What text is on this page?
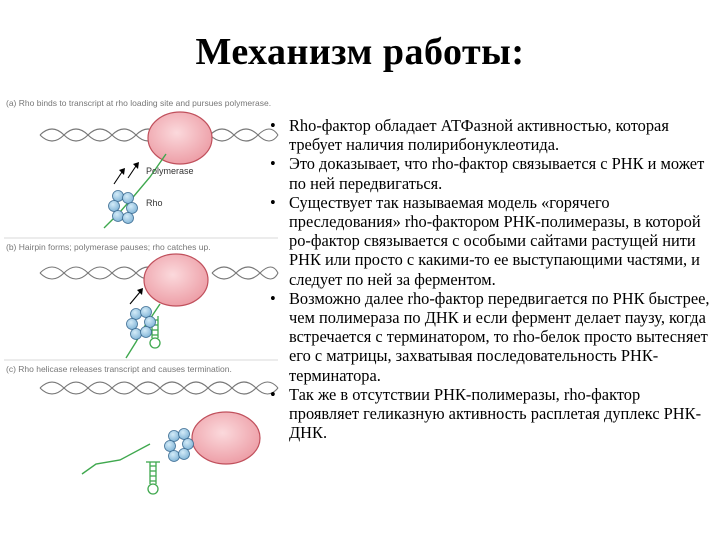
Механизм работы:
(a) Rho binds to transcript at rho loading site and pursues polymerase.
(b) Hairpin forms; polymerase pauses; rho catches up.
(c) Rho helicase releases transcript and causes termination.
Polymerase
Rho
• Rho-фактор обладает АТФазной активностью, которая требует наличия полирибонуклеотида.
• Это доказывает, что rho-фактор связывается с РНК и может по ней передвигаться.
• Существует так называемая модель «горячего преследования» rho-фактором РНК-полимеразы, в которой ро-фактор связывается с особыми сайтами растущей нити РНК или просто с какими-то ее выступающими частями, и следует по ней за ферментом.
• Возможно далее rho-фактор передвигается по РНК быстрее, чем полимераза по ДНК и если фермент делает паузу, когда встречается с терминатором, то rho-белок просто вытесняет его с матрицы, захватывая последовательность РНК-терминатора.
• Так же в отсутствии РНК-полимеразы, rho-фактор проявляет геликазную активность расплетая дуплекс РНК-ДНК.
